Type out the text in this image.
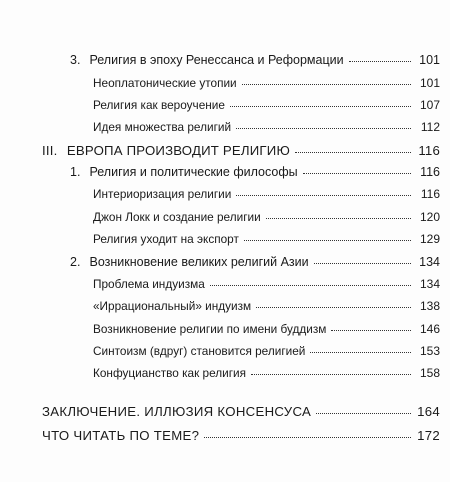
3. Религия в эпоху Ренессанса и Реформации	101
Неоплатонические утопии	101
Религия как вероучение	107
Идея множества религий	112
III. ЕВРОПА ПРОИЗВОДИТ РЕЛИГИЮ	116
1. Религия и политические философы	116
Интериоризация религии	116
Джон Локк и создание религии	120
Религия уходит на экспорт	129
2. Возникновение великих религий Азии	134
Проблема индуизма	134
«Иррациональный» индуизм	138
Возникновение религии по имени буддизм	146
Синтоизм (вдруг) становится религией	153
Конфуцианство как религия	158
ЗАКЛЮЧЕНИЕ. ИЛЛЮЗИЯ КОНСЕНСУСА	164
ЧТО ЧИТАТЬ ПО ТЕМЕ?	172
